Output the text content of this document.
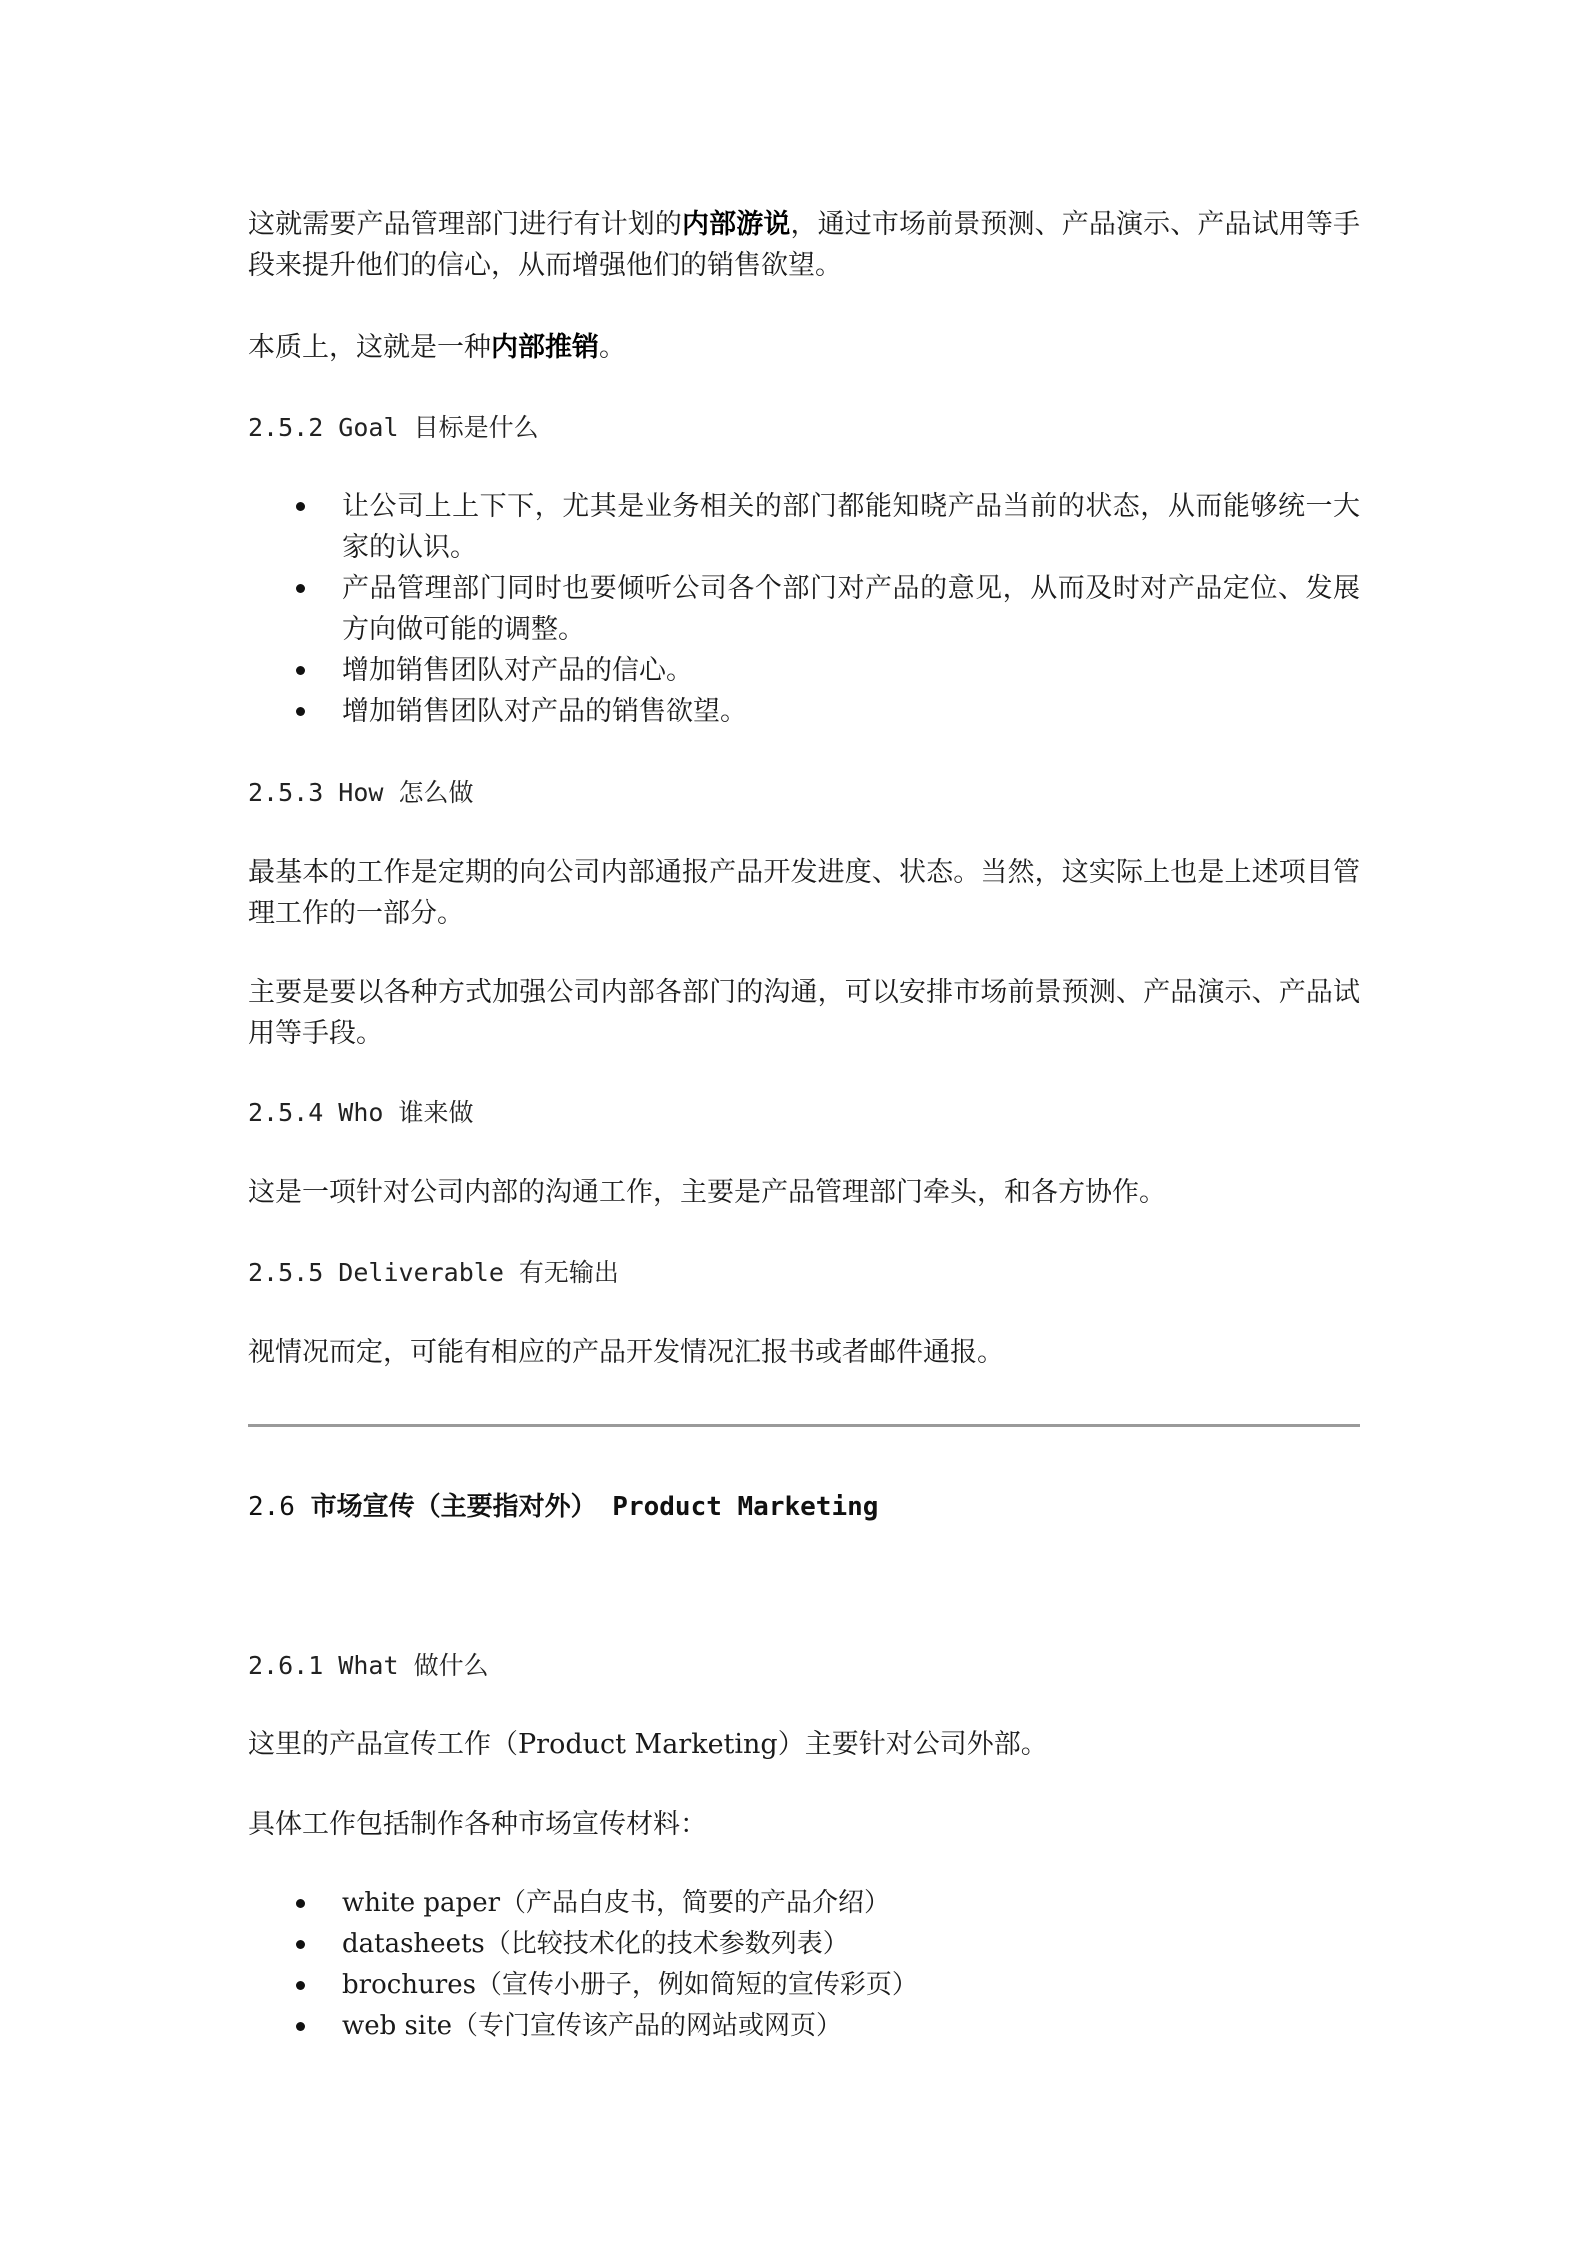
这就需要产品管理部门进行有计划的内部游说，通过市场前景预测、产品演示、产品试用等手段来提升他们的信心，从而增强他们的销售欲望。

本质上，这就是一种内部推销。

2.5.2 Goal 目标是什么
让公司上上下下，尤其是业务相关的部门都能知晓产品当前的状态，从而能够统一大家的认识。
产品管理部门同时也要倾听公司各个部门对产品的意见，从而及时对产品定位、发展方向做可能的调整。
增加销售团队对产品的信心。
增加销售团队对产品的销售欲望。
2.5.3 How 怎么做

最基本的工作是定期的向公司内部通报产品开发进度、状态。当然，这实际上也是上述项目管理工作的一部分。

主要是要以各种方式加强公司内部各部门的沟通，可以安排市场前景预测、产品演示、产品试用等手段。

2.5.4 Who 谁来做

这是一项针对公司内部的沟通工作，主要是产品管理部门牵头，和各方协作。

2.5.5 Deliverable 有无输出

视情况而定，可能有相应的产品开发情况汇报书或者邮件通报。

2.6 市场宣传（主要指对外） Product Marketing
2.6.1 What 做什么

这里的产品宣传工作（Product Marketing）主要针对公司外部。

具体工作包括制作各种市场宣传材料：

white paper（产品白皮书，简要的产品介绍）
datasheets（比较技术化的技术参数列表）
brochures（宣传小册子，例如简短的宣传彩页）
web site（专门宣传该产品的网站或网页）
